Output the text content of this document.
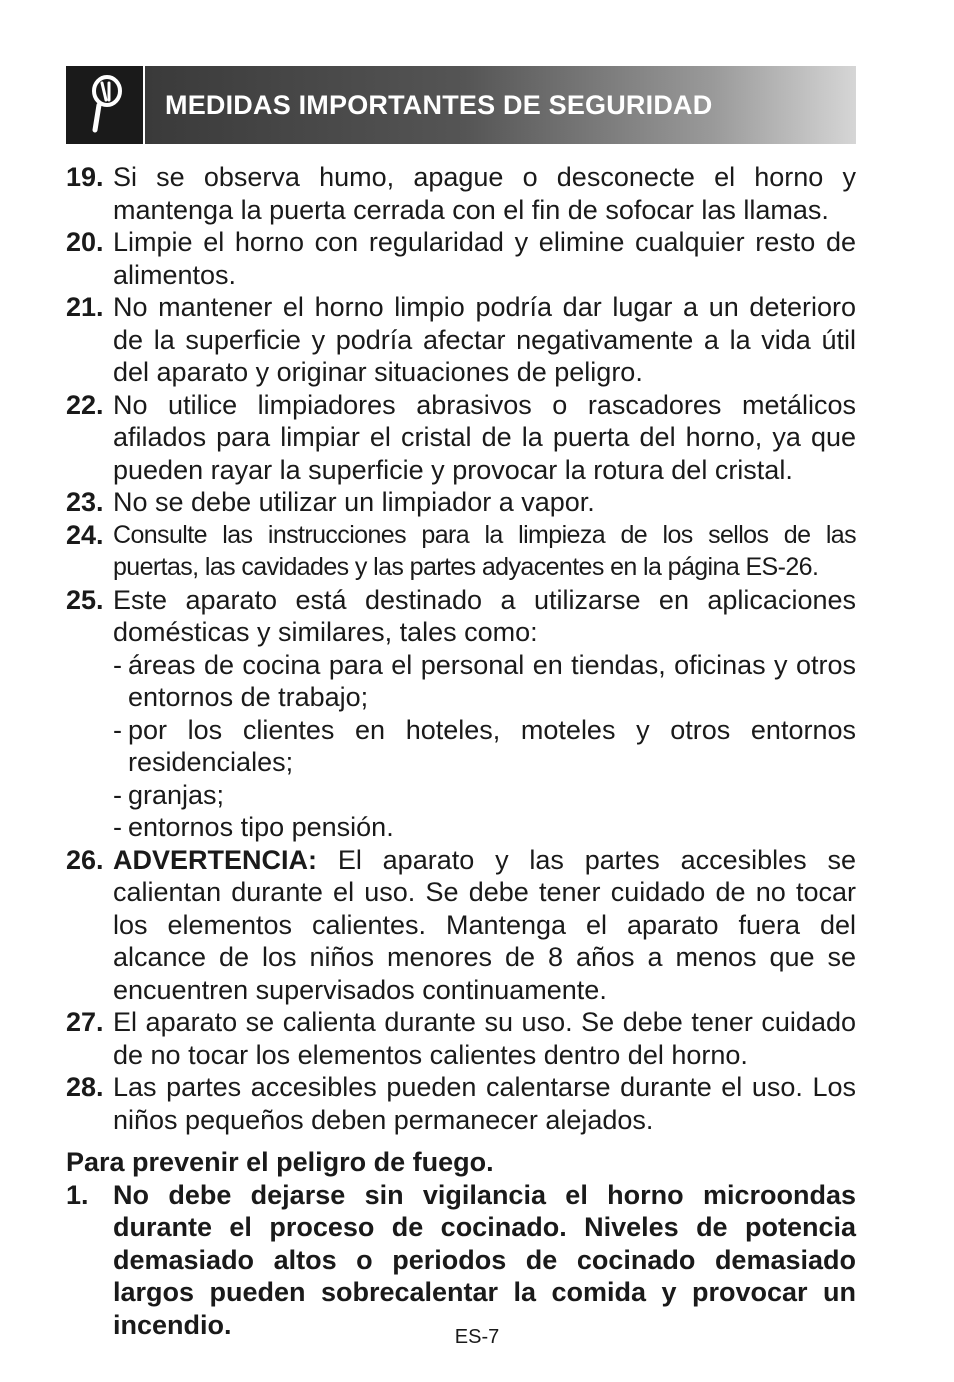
MEDIDAS IMPORTANTES DE SEGURIDAD
19. Si se observa humo, apague o desconecte el horno y mantenga la puerta cerrada con el fin de sofocar las llamas.
20. Limpie el horno con regularidad y elimine cualquier resto de alimentos.
21. No mantener el horno limpio podría dar lugar a un deterioro de la superficie y podría afectar negativamente a la vida útil del aparato y originar situaciones de peligro.
22. No utilice limpiadores abrasivos o rascadores metálicos afilados para limpiar el cristal de la puerta del horno, ya que pueden rayar la superficie y provocar la rotura del cristal.
23. No se debe utilizar un limpiador a vapor.
24. Consulte las instrucciones para la limpieza de los sellos de las puertas, las cavidades y las partes adyacentes en la página ES-26.
25. Este aparato está destinado a utilizarse en aplicaciones domésticas y similares, tales como:
- áreas de cocina para el personal en tiendas, oficinas y otros entornos de trabajo;
- por los clientes en hoteles, moteles y otros entornos residenciales;
- granjas;
- entornos tipo pensión.
26. ADVERTENCIA: El aparato y las partes accesibles se calientan durante el uso. Se debe tener cuidado de no tocar los elementos calientes. Mantenga el aparato fuera del alcance de los niños menores de 8 años a menos que se encuentren supervisados continuamente.
27. El aparato se calienta durante su uso. Se debe tener cuidado de no tocar los elementos calientes dentro del horno.
28. Las partes accesibles pueden calentarse durante el uso. Los niños pequeños deben permanecer alejados.
Para prevenir el peligro de fuego.
1. No debe dejarse sin vigilancia el horno microondas durante el proceso de cocinado. Niveles de potencia demasiado altos o periodos de cocinado demasiado largos pueden sobrecalentar la comida y provocar un incendio.	ES-7
